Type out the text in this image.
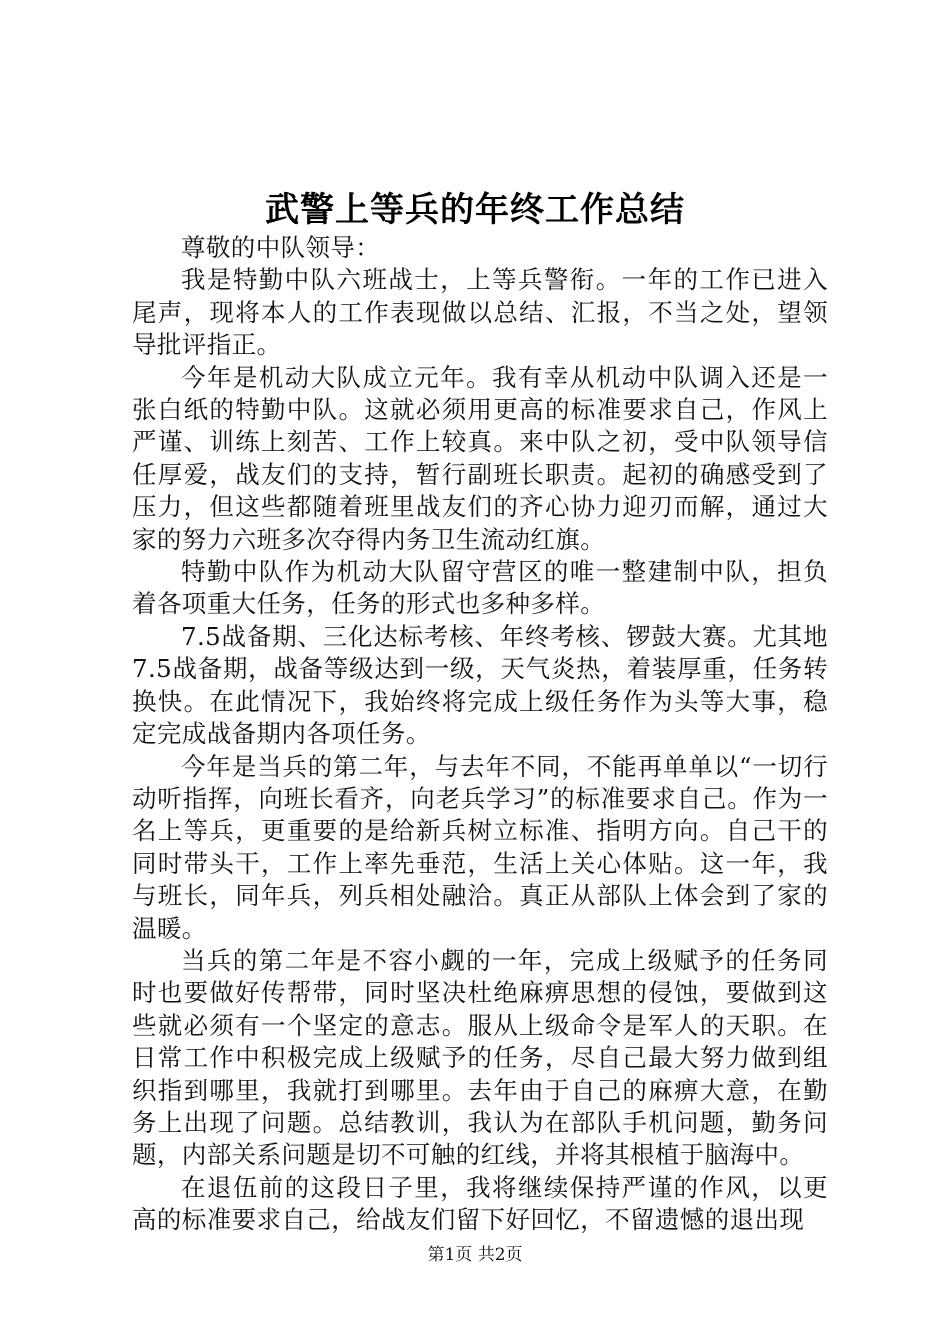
武警上等兵的年终工作总结

尊敬的中队领导：

我是特勤中队六班战士，上等兵警衔。一年的工作已进入尾声，现将本人的工作表现做以总结、汇报，不当之处，望领导批评指正。

今年是机动大队成立元年。我有幸从机动中队调入还是一张白纸的特勤中队。这就必须用更高的标准要求自己，作风上严谨、训练上刻苦、工作上较真。来中队之初，受中队领导信任厚爱，战友们的支持，暂行副班长职责。起初的确感受到了压力，但这些都随着班里战友们的齐心协力迎刃而解，通过大家的努力六班多次夺得内务卫生流动红旗。

特勤中队作为机动大队留守营区的唯一整建制中队，担负着各项重大任务，任务的形式也多种多样。

7.5战备期、三化达标考核、年终考核、锣鼓大赛。尤其地7.5战备期，战备等级达到一级，天气炎热，着装厚重，任务转换快。在此情况下，我始终将完成上级任务作为头等大事，稳定完成战备期内各项任务。

今年是当兵的第二年，与去年不同，不能再单单以“一切行动听指挥，向班长看齐，向老兵学习”的标准要求自己。作为一名上等兵，更重要的是给新兵树立标准、指明方向。自己干的同时带头干，工作上率先垂范，生活上关心体贴。这一年，我与班长，同年兵，列兵相处融洽。真正从部队上体会到了家的温暖。

当兵的第二年是不容小觑的一年，完成上级赋予的任务同时也要做好传帮带，同时坚决杜绝麻痹思想的侵蚀，要做到这些就必须有一个坚定的意志。服从上级命令是军人的天职。在日常工作中积极完成上级赋予的任务，尽自己最大努力做到组织指到哪里，我就打到哪里。去年由于自己的麻痹大意，在勤务上出现了问题。总结教训，我认为在部队手机问题，勤务问题，内部关系问题是切不可触的红线，并将其根植于脑海中。

在退伍前的这段日子里，我将继续保持严谨的作风，以更高的标准要求自己，给战友们留下好回忆，不留遗憾的退出现

第1页 共2页
